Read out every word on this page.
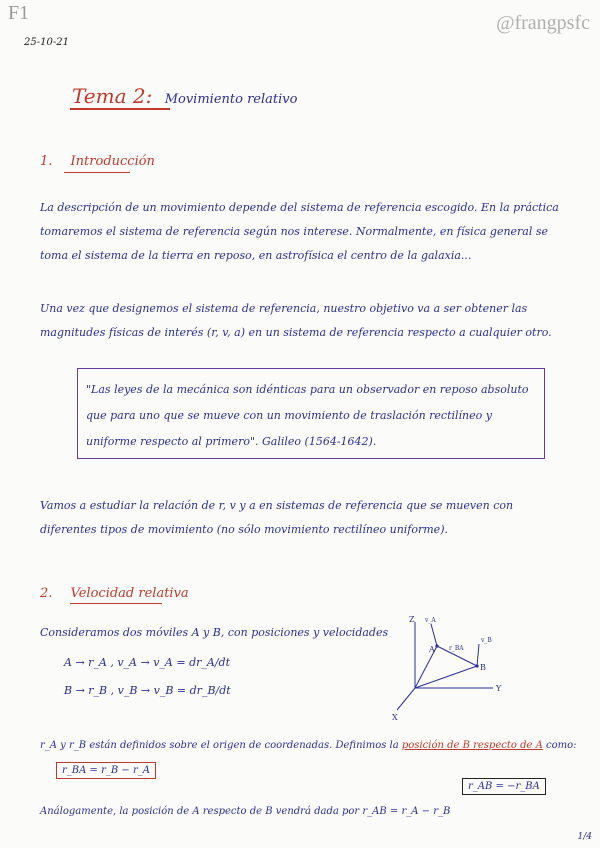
F1
25-10-21
@frangpsfc
Tema 2: Movimiento relativo
1. Introducción
La descripción de un movimiento depende del sistema de referencia escogido. En la práctica tomaremos el sistema de referencia según nos interese. Normalmente, en física general se toma el sistema de la tierra en reposo, en astrofísica el centro de la galaxia...
Una vez que designemos el sistema de referencia, nuestro objetivo va a ser obtener las magnitudes físicas de interés (r, v, a) en un sistema de referencia respecto a cualquier otro.
"Las leyes de la mecánica son idénticas para un observador en reposo absoluto que para uno que se mueve con un movimiento de traslación rectilíneo y uniforme respecto al primero". Galileo (1564-1642).
Vamos a estudiar la relación de r, v y a en sistemas de referencia que se mueven con diferentes tipos de movimiento (no sólo movimiento rectilíneo uniforme).
2. Velocidad relativa
Consideramos dos móviles A y B, con posiciones y velocidades
A → r_A , v_A → v_A = dr_A/dt
B → r_B , v_B → v_B = dr_B/dt
Z
Y
X
A
B
v_A
v_B
r_BA
r_A y r_B están definidos sobre el origen de coordenadas. Definimos la posición de B respecto de A como:
r_BA = r_B − r_A
r_AB = −r_BA
Análogamente, la posición de A respecto de B vendrá dada por r_AB = r_A − r_B
1/4
